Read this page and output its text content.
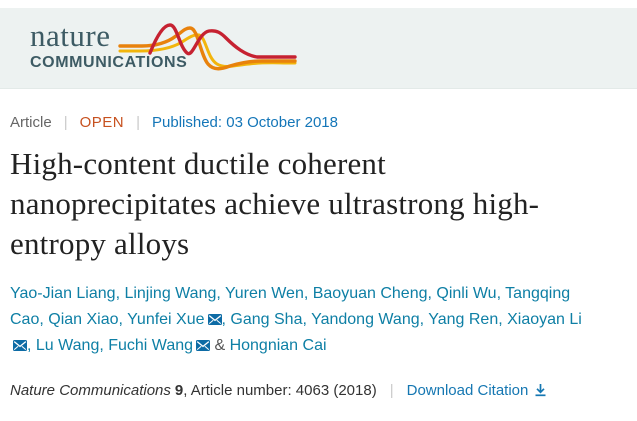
nature
COMMUNICATIONS
Article | OPEN | Published: 03 October 2018
High-content ductile coherent nanoprecipitates achieve ultrastrong high-entropy alloys
Yao-Jian Liang, Linjing Wang, Yuren Wen, Baoyuan Cheng, Qinli Wu, Tangqing Cao, Qian Xiao, Yunfei Xue , Gang Sha, Yandong Wang, Yang Ren, Xiaoyan Li, Lu Wang, Fuchi Wang & Hongnian Cai
Nature Communications 9 , Article number: 4063 (2018) | Download Citation
